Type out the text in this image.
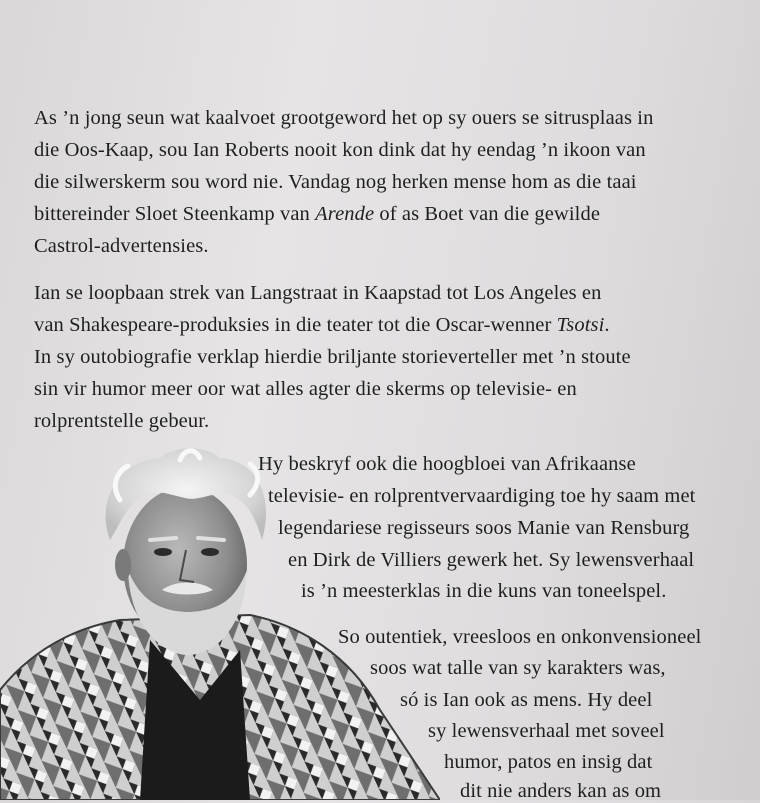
As ’n jong seun wat kaalvoet grootgeword het op sy ouers se sitrusplaas in

die Oos-Kaap, sou Ian Roberts nooit kon dink dat hy eendag ’n ikoon van

die silwerskerm sou word nie. Vandag nog herken mense hom as die taai

bittereinder Sloet Steenkamp van Arende of as Boet van die gewilde

Castrol-advertensies.

Ian se loopbaan strek van Langstraat in Kaapstad tot Los Angeles en

van Shakespeare-produksies in die teater tot die Oscar-wenner Tsotsi.

In sy outobiografie verklap hierdie briljante storieverteller met ’n stoute

sin vir humor meer oor wat alles agter die skerms op televisie- en

rolprentstelle gebeur.

Hy beskryf ook die hoogbloei van Afrikaanse

televisie- en rolprentvervaardiging toe hy saam met

legendariese regisseurs soos Manie van Rensburg

en Dirk de Villiers gewerk het. Sy lewensverhaal

is ’n meesterklas in die kuns van toneelspel.

So outentiek, vreesloos en onkonvensioneel

soos wat talle van sy karakters was,

só is Ian ook as mens. Hy deel

sy lewensverhaal met soveel

humor, patos en insig dat

dit nie anders kan as om
